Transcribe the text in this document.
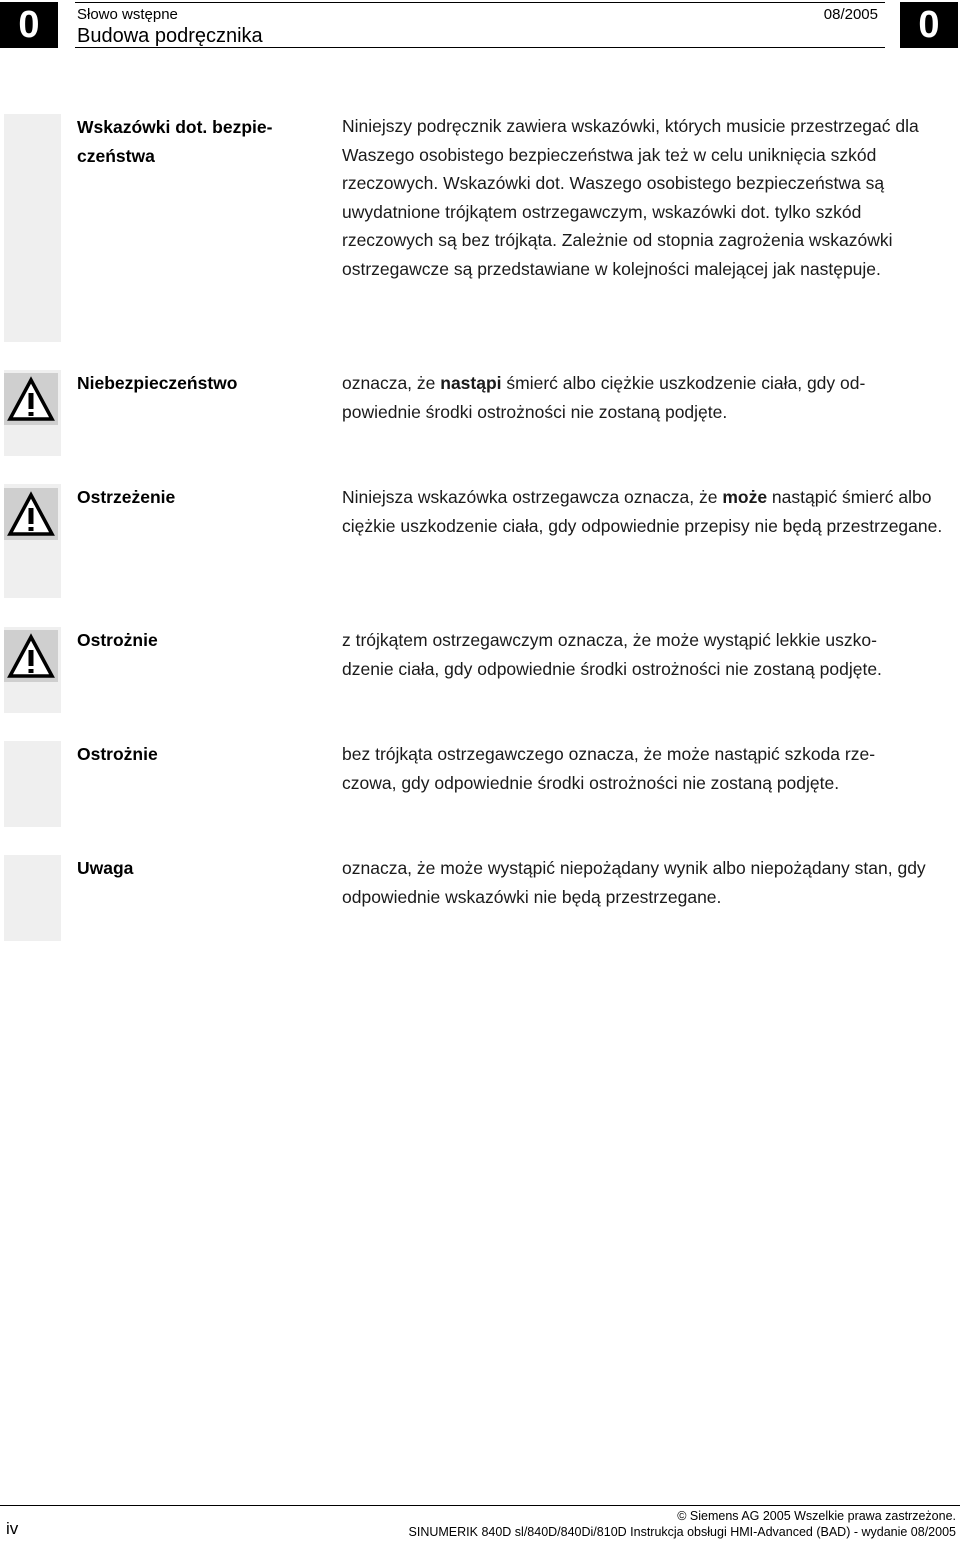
0	Słowo wstępne	08/2005
Budowa podręcznika	0
Wskazówki dot. bezpie-
czeństwa
Niniejszy podręcznik zawiera wskazówki, których musicie przestrzegać dla Waszego osobistego bezpieczeństwa jak też w celu uniknięcia szkód rzeczowych. Wskazówki dot. Waszego osobistego bezpieczeństwa są uwydatnione trójkątem ostrzegawczym, wskazówki dot. tylko szkód rzeczowych są bez trójkąta. Zależnie od stopnia zagrożenia wskazówki ostrzegawcze są przedstawiane w kolejności malejącej jak następuje.
Niebezpieczeństwo	oznacza, że nastąpi śmierć albo ciężkie uszkodzenie ciała, gdy od-
powiednie środki ostrożności nie zostaną podjęte.
Ostrzeżenie	Niniejsza wskazówka ostrzegawcza oznacza, że może nastąpić śmierć albo ciężkie uszkodzenie ciała, gdy odpowiednie przepisy nie będą przestrzegane.
Ostrożnie	z trójkątem ostrzegawczym oznacza, że może wystąpić lekkie uszko-
dzenie ciała, gdy odpowiednie środki ostrożności nie zostaną podjęte.
Ostrożnie	bez trójkąta ostrzegawczego oznacza, że może nastąpić szkoda rze-
czowa, gdy odpowiednie środki ostrożności nie zostaną podjęte.
Uwaga	oznacza, że może wystąpić niepożądany wynik albo niepożądany stan, gdy odpowiednie wskazówki nie będą przestrzegane.
iv
© Siemens AG 2005 Wszelkie prawa zastrzeżone.
SINUMERIK 840D sl/840D/840Di/810D Instrukcja obsługi HMI-Advanced (BAD) - wydanie 08/2005
